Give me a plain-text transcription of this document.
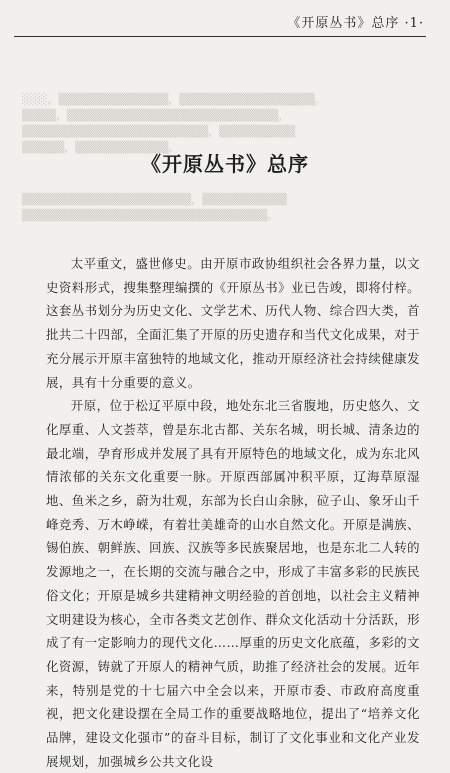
《开原丛书》总序 ·1·
░░░，▒▒▒▒▒▒▒▒▒▒▒▒▒，▒▒▒▒▒▒▒▒▒▒▒▒▒▒▒▒。
▒▒▒▒，▒▒▒▒▒▒▒▒▒▒▒▒▒▒▒▒▒▒▒▒▒▒▒▒▒，
▒▒▒▒▒▒▒▒▒▒▒▒▒▒▒▒▒▒▒▒▒▒，▒▒▒▒▒▒▒▒▒
▒▒▒▒▒，▒▒▒▒▒▒▒▒▒▒▒。
《开原丛书》总序
▒▒▒▒▒▒▒▒▒▒▒▒▒▒▒▒▒▒▒▒，▒▒▒▒▒▒▒▒▒▒
▒▒▒▒▒▒▒▒▒▒▒▒▒▒▒▒▒▒▒▒▒▒▒▒▒▒▒▒▒。

太平重文，盛世修史。由开原市政协组织社会各界力量，以文史资料形式，搜集整理编撰的《开原丛书》业已告竣，即将付梓。这套丛书划分为历史文化、文学艺术、历代人物、综合四大类，首批共二十四部，全面汇集了开原的历史遗存和当代文化成果，对于充分展示开原丰富独特的地域文化，推动开原经济社会持续健康发展，具有十分重要的意义。

开原，位于松辽平原中段，地处东北三省腹地，历史悠久、文化厚重、人文荟萃，曾是东北古都、关东名城，明长城、清条边的最北端，孕育形成并发展了具有开原特色的地域文化，成为东北风情浓郁的关东文化重要一脉。开原西部属冲积平原，辽海草原湿地、鱼米之乡，蔚为壮观，东部为长白山余脉，砬子山、象牙山千峰竞秀、万木峥嵘，有着壮美雄奇的山水自然文化。开原是满族、锡伯族、朝鲜族、回族、汉族等多民族聚居地，也是东北二人转的发源地之一，在长期的交流与融合之中，形成了丰富多彩的民族民俗文化；开原是城乡共建精神文明经验的首创地，以社会主义精神文明建设为核心，全市各类文艺创作、群众文化活动十分活跃，形成了有一定影响力的现代文化……厚重的历史文化底蕴，多彩的文化资源，铸就了开原人的精神气质，助推了经济社会的发展。近年来，特别是党的十七届六中全会以来，开原市委、市政府高度重视，把文化建设摆在全局工作的重要战略地位，提出了“培养文化品牌，建设文化强市”的奋斗目标，制订了文化事业和文化产业发展规划，加强城乡公共文化设
